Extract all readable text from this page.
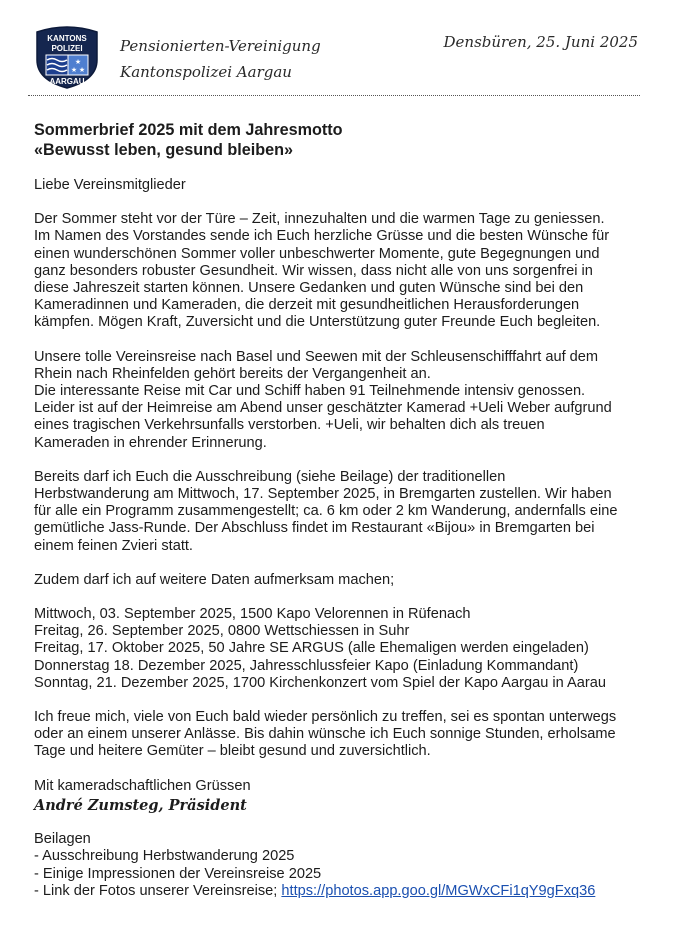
KANTONS
POLIZEI
★
★ ★
AARGAU
Pensionierten-Vereinigung
Kantonspolizei Aargau
Densbüren, 25. Juni 2025
Sommerbrief 2025 mit dem Jahresmotto
«Bewusst leben, gesund bleiben»

Liebe Vereinsmitglieder

Der Sommer steht vor der Türe – Zeit, innezuhalten und die warmen Tage zu geniessen.
Im Namen des Vorstandes sende ich Euch herzliche Grüsse und die besten Wünsche für
einen wunderschönen Sommer voller unbeschwerter Momente, gute Begegnungen und
ganz besonders robuster Gesundheit. Wir wissen, dass nicht alle von uns sorgenfrei in
diese Jahreszeit starten können. Unsere Gedanken und guten Wünsche sind bei den
Kameradinnen und Kameraden, die derzeit mit gesundheitlichen Herausforderungen
kämpfen. Mögen Kraft, Zuversicht und die Unterstützung guter Freunde Euch begleiten.

Unsere tolle Vereinsreise nach Basel und Seewen mit der Schleusenschifffahrt auf dem
Rhein nach Rheinfelden gehört bereits der Vergangenheit an.
Die interessante Reise mit Car und Schiff haben 91 Teilnehmende intensiv genossen.
Leider ist auf der Heimreise am Abend unser geschätzter Kamerad +Ueli Weber aufgrund
eines tragischen Verkehrsunfalls verstorben. +Ueli, wir behalten dich als treuen
Kameraden in ehrender Erinnerung.

Bereits darf ich Euch die Ausschreibung (siehe Beilage) der traditionellen
Herbstwanderung am Mittwoch, 17. September 2025, in Bremgarten zustellen. Wir haben
für alle ein Programm zusammengestellt; ca. 6 km oder 2 km Wanderung, andernfalls eine
gemütliche Jass-Runde. Der Abschluss findet im Restaurant «Bijou» in Bremgarten bei
einem feinen Zvieri statt.

Zudem darf ich auf weitere Daten aufmerksam machen;

Mittwoch, 03. September 2025, 1500 Kapo Velorennen in Rüfenach
Freitag, 26. September 2025, 0800 Wettschiessen in Suhr
Freitag, 17. Oktober 2025, 50 Jahre SE ARGUS (alle Ehemaligen werden eingeladen)
Donnerstag 18. Dezember 2025, Jahresschlussfeier Kapo (Einladung Kommandant)
Sonntag, 21. Dezember 2025, 1700 Kirchenkonzert vom Spiel der Kapo Aargau in Aarau

Ich freue mich, viele von Euch bald wieder persönlich zu treffen, sei es spontan unterwegs
oder an einem unserer Anlässe. Bis dahin wünsche ich Euch sonnige Stunden, erholsame
Tage und heitere Gemüter – bleibt gesund und zuversichtlich.

Mit kameradschaftlichen Grüssen
André Zumsteg, Präsident
Beilagen
- Ausschreibung Herbstwanderung 2025
- Einige Impressionen der Vereinsreise 2025
- Link der Fotos unserer Vereinsreise; https://photos.app.goo.gl/MGWxCFi1qY9gFxq36
